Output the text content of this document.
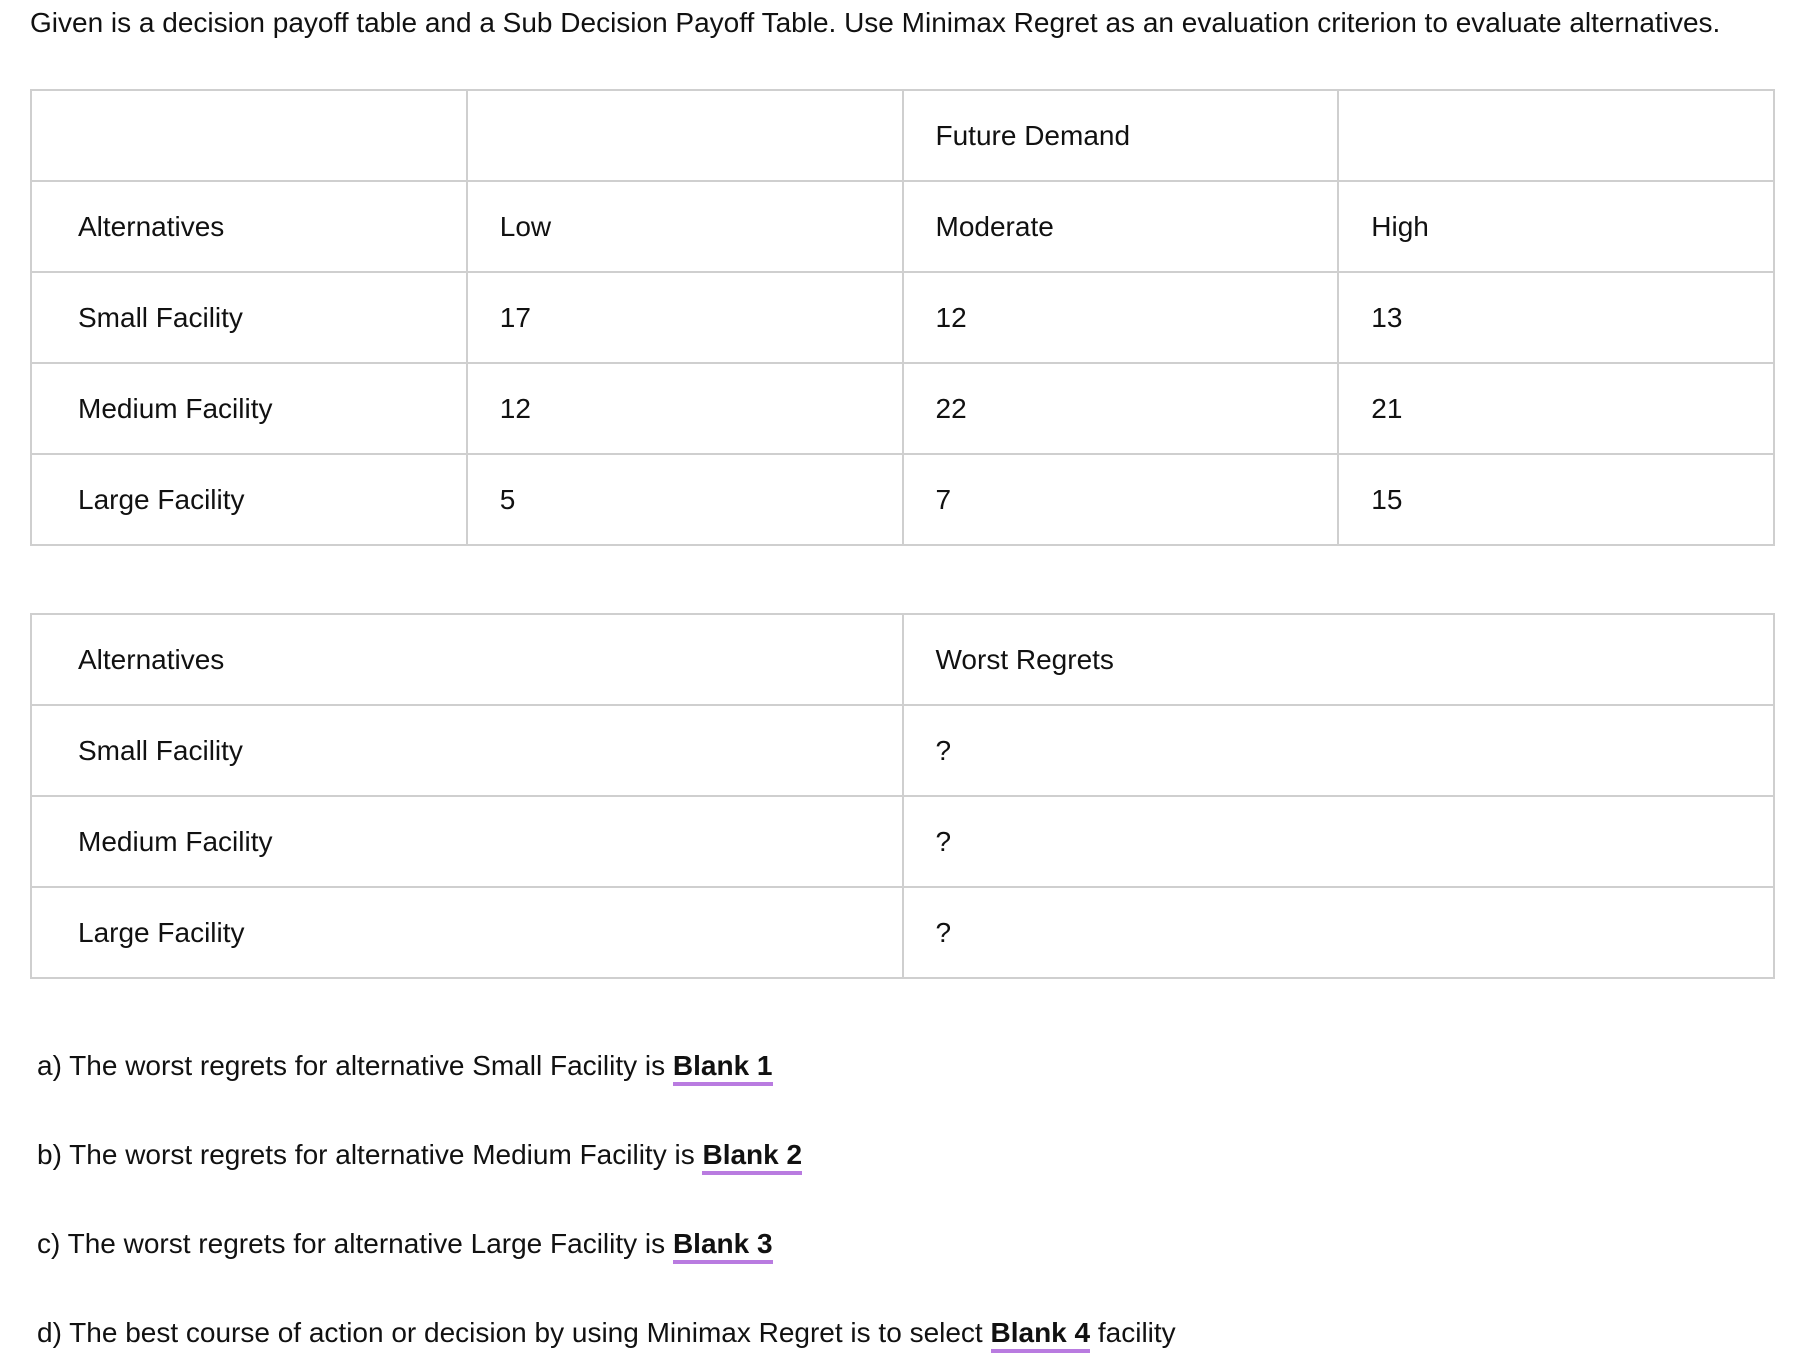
Given is a decision payoff table and a Sub Decision Payoff Table. Use Minimax Regret as an evaluation criterion to evaluate alternatives.
		Future Demand	
Alternatives	Low	Moderate	High
Small Facility	17	12	13
Medium Facility	12	22	21
Large Facility	5	7	15
Alternatives	Worst Regrets
Small Facility	?
Medium Facility	?
Large Facility	?
a) The worst regrets for alternative Small Facility is Blank 1
b) The worst regrets for alternative Medium Facility is Blank 2
c) The worst regrets for alternative Large Facility is Blank 3
d) The best course of action or decision by using Minimax Regret is to select Blank 4 facility
